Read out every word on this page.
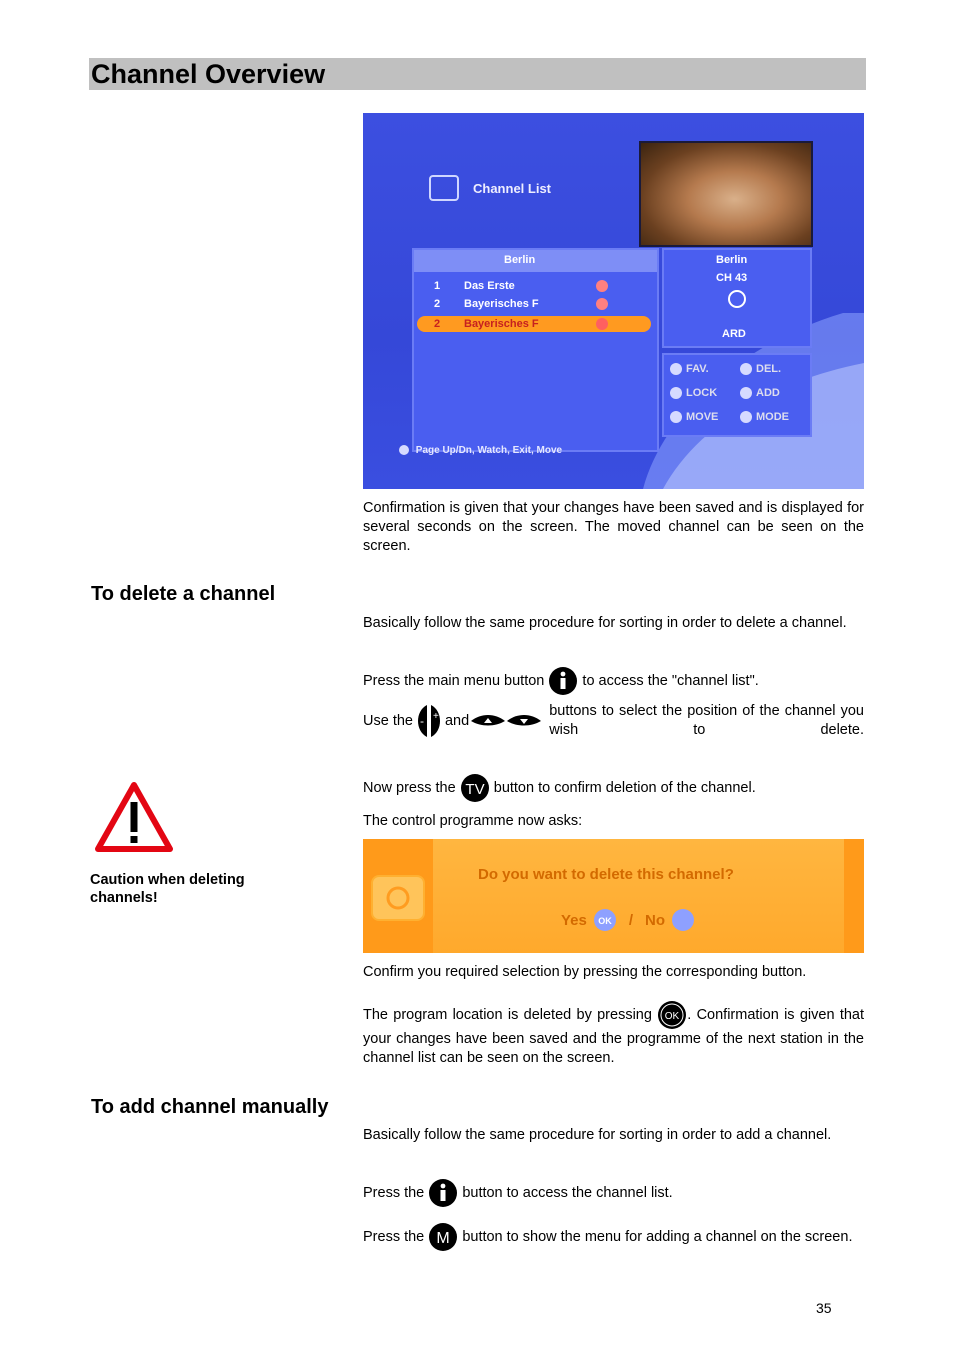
Channel Overview
Channel List
Berlin
1 Das Erste
2 Bayerisches F
2 Bayerisches F
Berlin
CH 43
ARD
FAV.	DEL.
LOCK	ADD
MOVE	MODE
Page Up/Dn, Watch, Exit, Move
Confirmation is given that your changes have been saved and is displayed for several seconds on the screen. The moved channel can be seen on the screen.
To delete a channel
Basically follow the same procedure for sorting in order to delete a channel.
Press the main menu button	to access the "channel list".
Use the - + and
buttons to select the position of the channel you wish to delete.
Now press the TV button to confirm deletion of the channel.
The control programme now asks:
Caution when deleting channels!
Do you want to delete this channel?
Yes OK	/ No
Confirm you required selection by pressing the corresponding button.
The program location is deleted by pressing OK . Confirmation is given that your changes have been saved and the programme of the next station in the channel list can be seen on the screen.
To add channel manually
Basically follow the same procedure for sorting in order to add a channel.
Press the	button to access the channel list.
Press the M button to show the menu for adding a channel on the screen.
35
